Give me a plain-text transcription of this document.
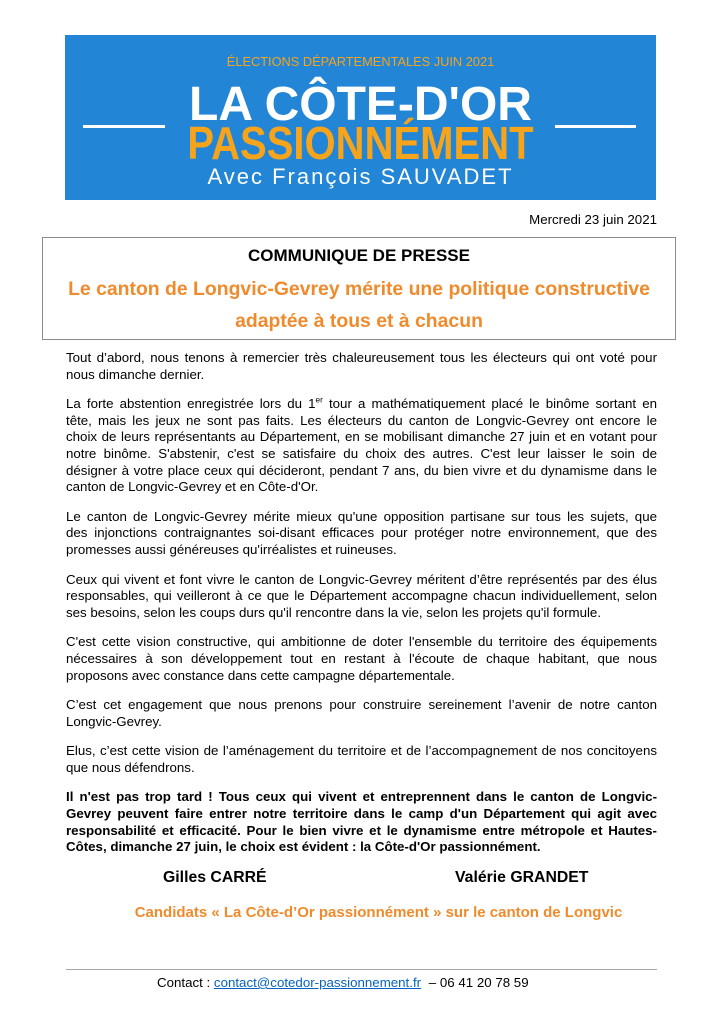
ÉLECTIONS DÉPARTEMENTALES JUIN 2021
LA CÔTE-D'OR
PASSIONNÉMENT
Avec François SAUVADET
Mercredi 23 juin 2021
COMMUNIQUE DE PRESSE
Le canton de Longvic-Gevrey mérite une politique constructive
adaptée à tous et à chacun
Tout d’abord, nous tenons à remercier très chaleureusement tous les électeurs qui ont voté pour
nous dimanche dernier.
La forte abstention enregistrée lors du 1er tour a mathématiquement placé le binôme sortant en
tête, mais les jeux ne sont pas faits. Les électeurs du canton de Longvic-Gevrey ont encore le
choix de leurs représentants au Département, en se mobilisant dimanche 27 juin et en votant pour
notre binôme. S'abstenir, c'est se satisfaire du choix des autres. C'est leur laisser le soin de
désigner à votre place ceux qui décideront, pendant 7 ans, du bien vivre et du dynamisme dans le
canton de Longvic-Gevrey et en Côte-d'Or.
Le canton de Longvic-Gevrey mérite mieux qu'une opposition partisane sur tous les sujets, que
des injonctions contraignantes soi-disant efficaces pour protéger notre environnement, que des
promesses aussi généreuses qu'irréalistes et ruineuses.
Ceux qui vivent et font vivre le canton de Longvic-Gevrey méritent d’être représentés par des élus
responsables, qui veilleront à ce que le Département accompagne chacun individuellement, selon
ses besoins, selon les coups durs qu'il rencontre dans la vie, selon les projets qu'il formule.
C'est cette vision constructive, qui ambitionne de doter l'ensemble du territoire des équipements
nécessaires à son développement tout en restant à l'écoute de chaque habitant, que nous
proposons avec constance dans cette campagne départementale.
C’est cet engagement que nous prenons pour construire sereinement l’avenir de notre canton
Longvic-Gevrey.
Elus, c’est cette vision de l’aménagement du territoire et de l’accompagnement de nos concitoyens
que nous défendrons.
Il n'est pas trop tard ! Tous ceux qui vivent et entreprennent dans le canton de Longvic-
Gevrey peuvent faire entrer notre territoire dans le camp d'un Département qui agit avec
responsabilité et efficacité. Pour le bien vivre et le dynamisme entre métropole et Hautes-
Côtes, dimanche 27 juin, le choix est évident : la Côte-d'Or passionnément.
Gilles CARRÉ	Valérie GRANDET
Candidats « La Côte-d’Or passionnément » sur le canton de Longvic
Contact : contact@cotedor-passionnement.fr – 06 41 20 78 59
